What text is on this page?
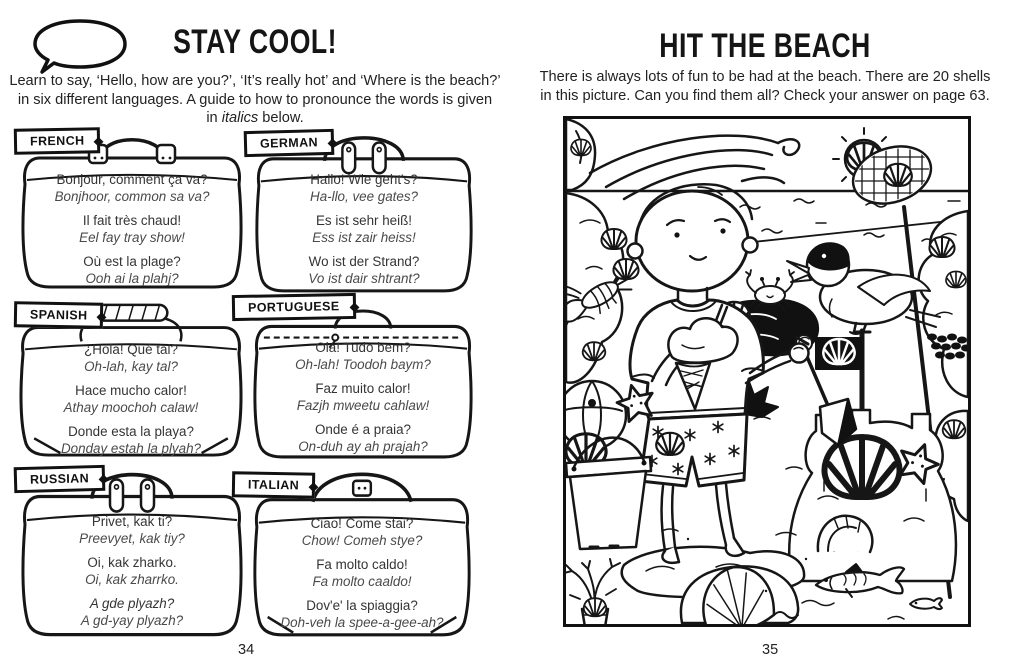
STAY COOL!

Learn to say, ‘Hello, how are you?’, ‘It’s really hot’ and ‘Where is the beach?’
in six different languages. A guide to how to pronounce the words is given
in italics below.

FRENCH

Bonjour, comment ça va?

Bonjhoor, common sa va?

Il fait très chaud!

Eel fay tray show!

Où est la plage?

Ooh ai la plahj?

GERMAN

Hallo! Wie geht's?

Ha-llo, vee gates?

Es ist sehr heiß!

Ess ist zair heiss!

Wo ist der Strand?

Vo ist dair shtrant?

SPANISH

¿Hola! Qué tal?

Oh-lah, kay tal?

Hace mucho calor!

Athay moochoh calaw!

Donde esta la playa?

Donday estah la plyah?

PORTUGUESE

Olá! Tudo bem?

Oh-lah! Toodoh baym?

Faz muito calor!

Fazjh mweetu cahlaw!

Onde é a praia?

On-duh ay ah prajah?

RUSSIAN

Privet, kak ti?

Preevyet, kak tiy?

Oi, kak zharko.

Oi, kak zharrko.

A gde plyazh?

A gd-yay plyazh?

ITALIAN

Ciao! Come stai?

Chow! Comeh stye?

Fa molto caldo!

Fa molto caaldo!

Dov'e' la spiaggia?

Doh-veh la spee-a-gee-ah?

34
HIT THE BEACH

There is always lots of fun to be had at the beach. There are 20 shells
in this picture. Can you find them all? Check your answer on page 63.

35
